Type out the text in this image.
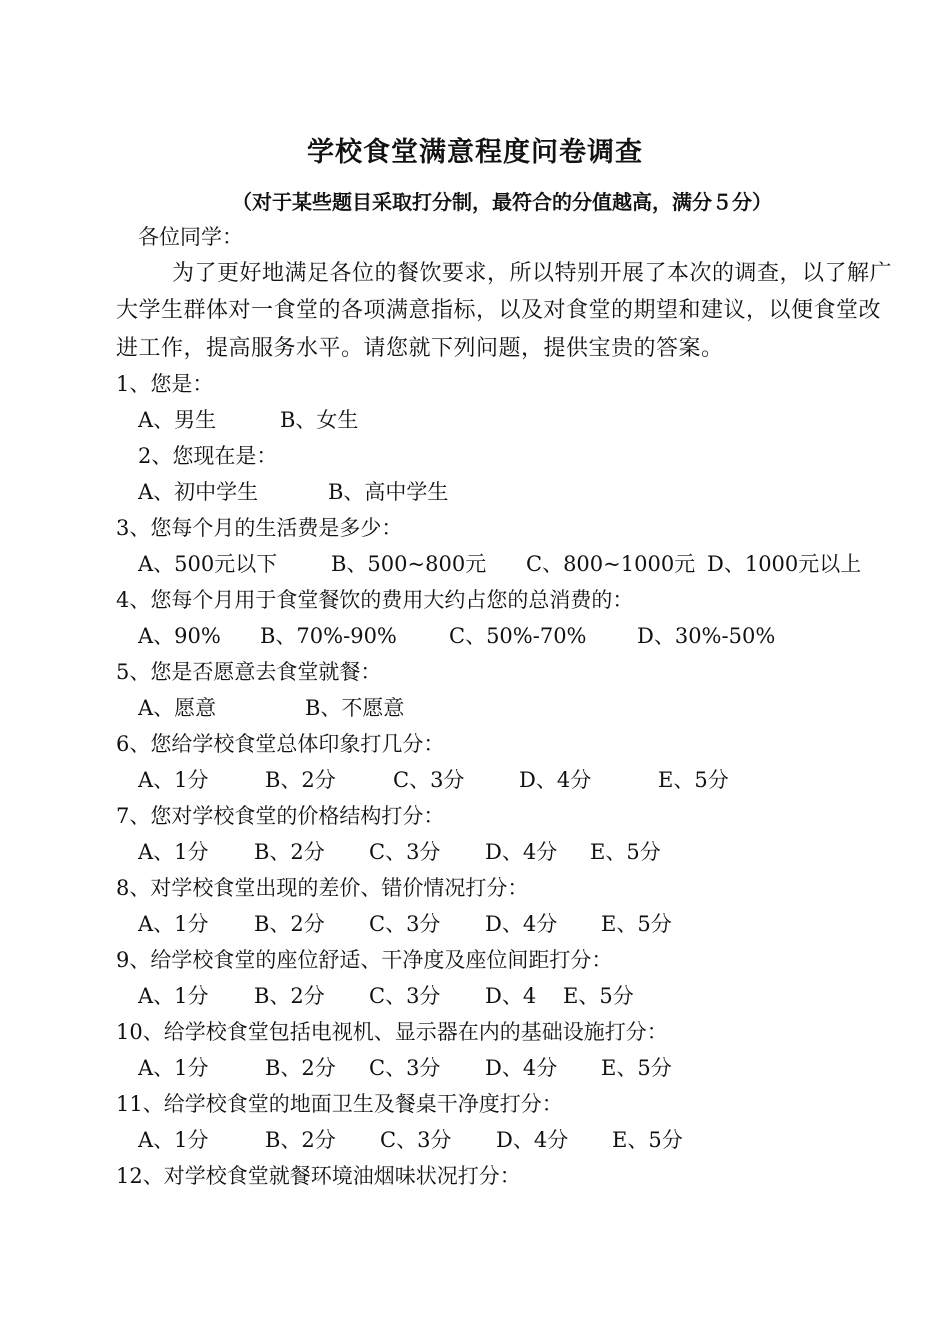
学校食堂满意程度问卷调查
（对于某些题目采取打分制，最符合的分值越高，满分５分）
各位同学：
为了更好地满足各位的餐饮要求，所以特别开展了本次的调查，以了解广
大学生群体对一食堂的各项满意指标，以及对食堂的期望和建议，以便食堂改
进工作，提高服务水平。请您就下列问题，提供宝贵的答案。
1、您是：
A、男生	B、女生
2、您现在是：
A、初中学生	B、高中学生
3、您每个月的生活费是多少：
A、500元以下	B、500~800元 C、800~1000元 D、1000元以上
4、您每个月用于食堂餐饮的费用大约占您的总消费的：
A、90% B、70%-90% C、50%-70% D、30%-50%
5、您是否愿意去食堂就餐：
A、愿意	B、不愿意
6、您给学校食堂总体印象打几分：
A、1分	B、2分	C、3分	D、4分	E、5分
7、您对学校食堂的价格结构打分：
A、1分 B、2分 C、3分 D、4分 E、5分
8、对学校食堂出现的差价、错价情况打分：
A、1分 B、2分 C、3分 D、4分 E、5分
9、给学校食堂的座位舒适、干净度及座位间距打分：
A、1分 B、2分 C、3分 D、4 E、5分
10、给学校食堂包括电视机、显示器在内的基础设施打分：
A、1分	B、2分 C、3分 D、4分 E、5分
11、给学校食堂的地面卫生及餐桌干净度打分：
A、1分	B、2分 C、3分 D、4分 E、5分
12、对学校食堂就餐环境油烟味状况打分：
